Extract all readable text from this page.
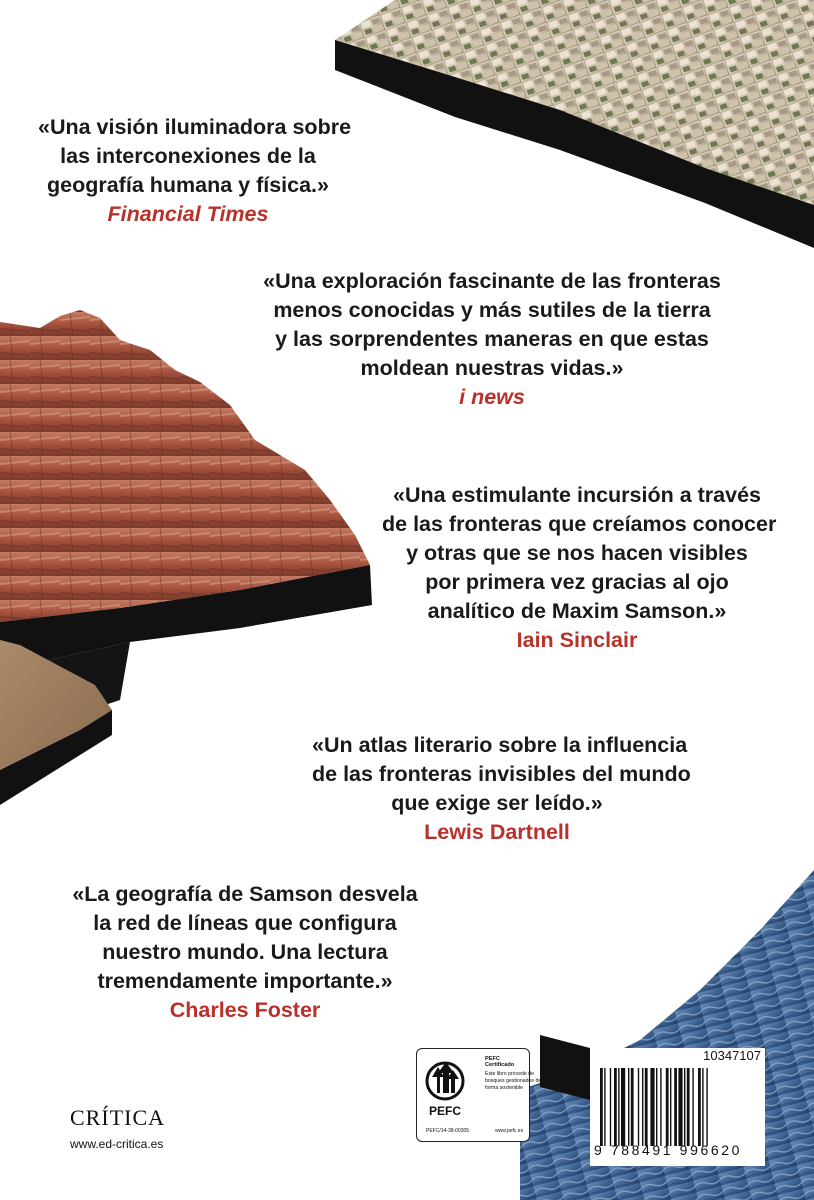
«Una visión iluminadora sobre
las interconexiones de la
geografía humana y física.»
Financial Times
«Una exploración fascinante de las fronteras
menos conocidas y más sutiles de la tierra
y las sorprendentes maneras en que estas
moldean nuestras vidas.»
i news
«Una estimulante incursión a través
de las fronteras que creíamos conocer
y otras que se nos hacen visibles
por primera vez gracias al ojo
analítico de Maxim Samson.»
Iain Sinclair
«Un atlas literario sobre la influencia
de las fronteras invisibles del mundo
que exige ser leído.»
Lewis Dartnell
«La geografía de Samson desvela
la red de líneas que configura
nuestro mundo. Una lectura
tremendamente importante.»
Charles Foster
CRÍTICA
www.ed-critica.es
PEFC
PEFC Certificado
Este libro procede de bosques gestionados de forma sostenible
PEFC/14-38-00305	www.pefc.es
10347107
9 788491 996620
